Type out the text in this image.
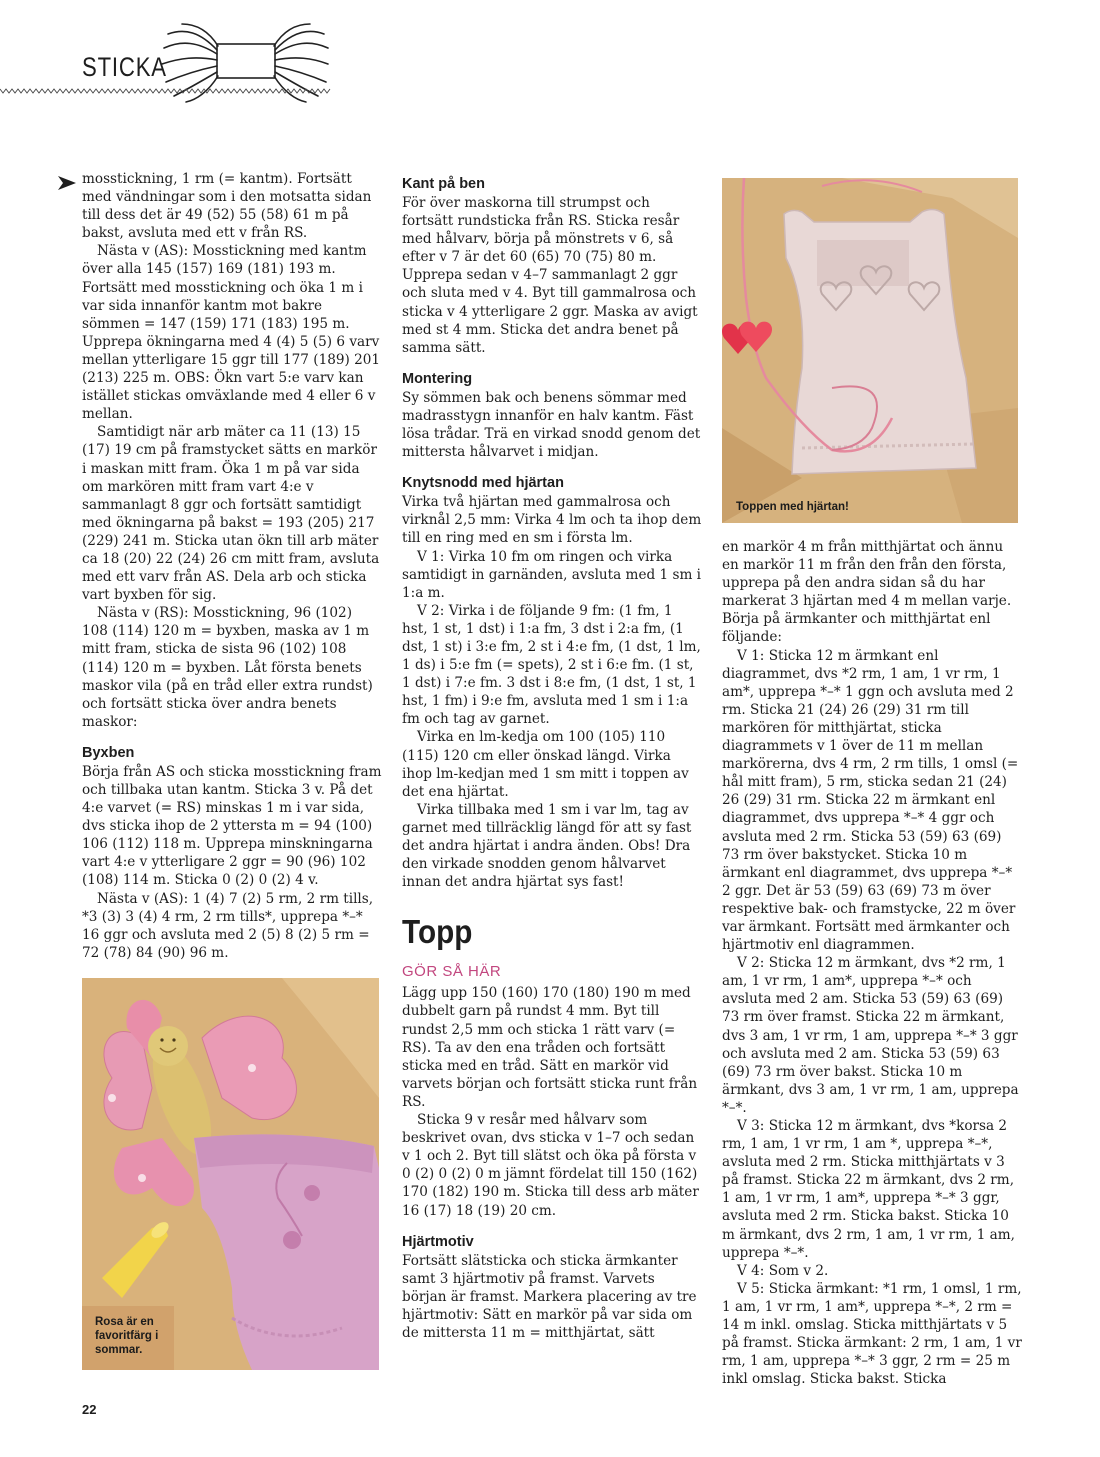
STICKA

mosstickning, 1 rm (= kantm). Fortsätt med vändningar som i den motsatta sidan till dess det är 49 (52) 55 (58) 61 m på bakst, avsluta med ett v från RS.

Nästa v (AS): Mosstickning med kantm över alla 145 (157) 169 (181) 193 m. Fortsätt med mosstickning och öka 1 m i var sida innanför kantm mot bakre sömmen = 147 (159) 171 (183) 195 m. Upprepa ökningarna med 4 (4) 5 (5) 6 varv mellan ytterligare 15 ggr till 177 (189) 201 (213) 225 m. OBS: Ökn vart 5:e varv kan istället stickas omväxlande med 4 eller 6 v mellan.

Samtidigt när arb mäter ca 11 (13) 15 (17) 19 cm på framstycket sätts en markör i maskan mitt fram. Öka 1 m på var sida om markören mitt fram vart 4:e v sammanlagt 8 ggr och fortsätt samtidigt med ökningarna på bakst = 193 (205) 217 (229) 241 m. Sticka utan ökn till arb mäter ca 18 (20) 22 (24) 26 cm mitt fram, avsluta med ett varv från AS. Dela arb och sticka vart byxben för sig.

Nästa v (RS): Mosstickning, 96 (102) 108 (114) 120 m = byxben, maska av 1 m mitt fram, sticka de sista 96 (102) 108 (114) 120 m = byxben. Låt första benets maskor vila (på en tråd eller extra rundst) och fortsätt sticka över andra benets maskor:

Byxben

Börja från AS och sticka mosstickning fram och tillbaka utan kantm. Sticka 3 v. På det 4:e varvet (= RS) minskas 1 m i var sida, dvs sticka ihop de 2 yttersta m = 94 (100) 106 (112) 118 m. Upprepa minskningarna vart 4:e v ytterligare 2 ggr = 90 (96) 102 (108) 114 m. Sticka 0 (2) 0 (2) 4 v.

Nästa v (AS): 1 (4) 7 (2) 5 rm, 2 rm tills, *3 (3) 3 (4) 4 rm, 2 rm tills*, upprepa *–* 16 ggr och avsluta med 2 (5) 8 (2) 5 rm = 72 (78) 84 (90) 96 m.

Kant på ben

För över maskorna till strumpst och fortsätt rundsticka från RS. Sticka resår med hålvarv, börja på mönstrets v 6, så efter v 7 är det 60 (65) 70 (75) 80 m. Upprepa sedan v 4–7 sammanlagt 2 ggr och sluta med v 4. Byt till gammalrosa och sticka v 4 ytterligare 2 ggr. Maska av avigt med st 4 mm. Sticka det andra benet på samma sätt.

Montering

Sy sömmen bak och benens sömmar med madrasstygn innanför en halv kantm. Fäst lösa trådar. Trä en virkad snodd genom det mittersta hålvarvet i midjan.

Knytsnodd med hjärtan

Virka två hjärtan med gammalrosa och virknål 2,5 mm: Virka 4 lm och ta ihop dem till en ring med en sm i första lm.

V 1: Virka 10 fm om ringen och virka samtidigt in garnänden, avsluta med 1 sm i 1:a m.

V 2: Virka i de följande 9 fm: (1 fm, 1 hst, 1 st, 1 dst) i 1:a fm, 3 dst i 2:a fm, (1 dst, 1 st) i 3:e fm, 2 st i 4:e fm, (1 dst, 1 lm, 1 ds) i 5:e fm (= spets), 2 st i 6:e fm. (1 st, 1 dst) i 7:e fm. 3 dst i 8:e fm, (1 dst, 1 st, 1 hst, 1 fm) i 9:e fm, avsluta med 1 sm i 1:a fm och tag av garnet.

Virka en lm-kedja om 100 (105) 110 (115) 120 cm eller önskad längd. Virka ihop lm-kedjan med 1 sm mitt i toppen av det ena hjärtat.

Virka tillbaka med 1 sm i var lm, tag av garnet med tillräcklig längd för att sy fast det andra hjärtat i andra änden. Obs! Dra den virkade snodden genom hålvarvet innan det andra hjärtat sys fast!

Topp
GÖR SÅ HÄR

Lägg upp 150 (160) 170 (180) 190 m med dubbelt garn på rundst 4 mm. Byt till rundst 2,5 mm och sticka 1 rätt varv (= RS). Ta av den ena tråden och fortsätt sticka med en tråd. Sätt en markör vid varvets början och fortsätt sticka runt från RS.

Sticka 9 v resår med hålvarv som beskrivet ovan, dvs sticka v 1–7 och sedan v 1 och 2. Byt till slätst och öka på första v 0 (2) 0 (2) 0 m jämnt fördelat till 150 (162) 170 (182) 190 m. Sticka till dess arb mäter 16 (17) 18 (19) 20 cm.

Hjärtmotiv

Fortsätt slätsticka och sticka ärmkanter samt 3 hjärtmotiv på framst. Varvets början är framst. Markera placering av tre hjärtmotiv: Sätt en markör på var sida om de mittersta 11 m = mitthjärtat, sätt

en markör 4 m från mitthjärtat och ännu en markör 11 m från den från den första, upprepa på den andra sidan så du har markerat 3 hjärtan med 4 m mellan varje. Börja på ärmkanter och mitthjärtat enl följande:

V 1: Sticka 12 m ärmkant enl diagrammet, dvs *2 rm, 1 am, 1 vr rm, 1 am*, upprepa *–* 1 ggn och avsluta med 2 rm. Sticka 21 (24) 26 (29) 31 rm till markören för mitthjärtat, sticka diagrammets v 1 över de 11 m mellan markörerna, dvs 4 rm, 2 rm tills, 1 omsl (= hål mitt fram), 5 rm, sticka sedan 21 (24) 26 (29) 31 rm. Sticka 22 m ärmkant enl diagrammet, dvs upprepa *–* 4 ggr och avsluta med 2 rm. Sticka 53 (59) 63 (69) 73 rm över bakstycket. Sticka 10 m ärmkant enl diagrammet, dvs upprepa *–* 2 ggr. Det är 53 (59) 63 (69) 73 m över respektive bak- och framstycke, 22 m över var ärmkant. Fortsätt med ärmkanter och hjärtmotiv enl diagrammen.

V 2: Sticka 12 m ärmkant, dvs *2 rm, 1 am, 1 vr rm, 1 am*, upprepa *–* och avsluta med 2 am. Sticka 53 (59) 63 (69) 73 rm över framst. Sticka 22 m ärmkant, dvs 3 am, 1 vr rm, 1 am, upprepa *–* 3 ggr och avsluta med 2 am. Sticka 53 (59) 63 (69) 73 rm över bakst. Sticka 10 m ärmkant, dvs 3 am, 1 vr rm, 1 am, upprepa *–*.

V 3: Sticka 12 m ärmkant, dvs *korsa 2 rm, 1 am, 1 vr rm, 1 am *, upprepa *–*, avsluta med 2 rm. Sticka mitthjärtats v 3 på framst. Sticka 22 m ärmkant, dvs 2 rm, 1 am, 1 vr rm, 1 am*, upprepa *–* 3 ggr, avsluta med 2 rm. Sticka bakst. Sticka 10 m ärmkant, dvs 2 rm, 1 am, 1 vr rm, 1 am, upprepa *–*.

V 4: Som v 2.

V 5: Sticka ärmkant: *1 rm, 1 omsl, 1 rm, 1 am, 1 vr rm, 1 am*, upprepa *–*, 2 rm = 14 m inkl. omslag. Sticka mitthjärtats v 5 på framst. Sticka ärmkant: 2 rm, 1 am, 1 vr rm, 1 am, upprepa *–* 3 ggr, 2 rm = 25 m inkl omslag. Sticka bakst. Sticka

Toppen med hjärtan!
Rosa är en favoritfärg i sommar.
22
